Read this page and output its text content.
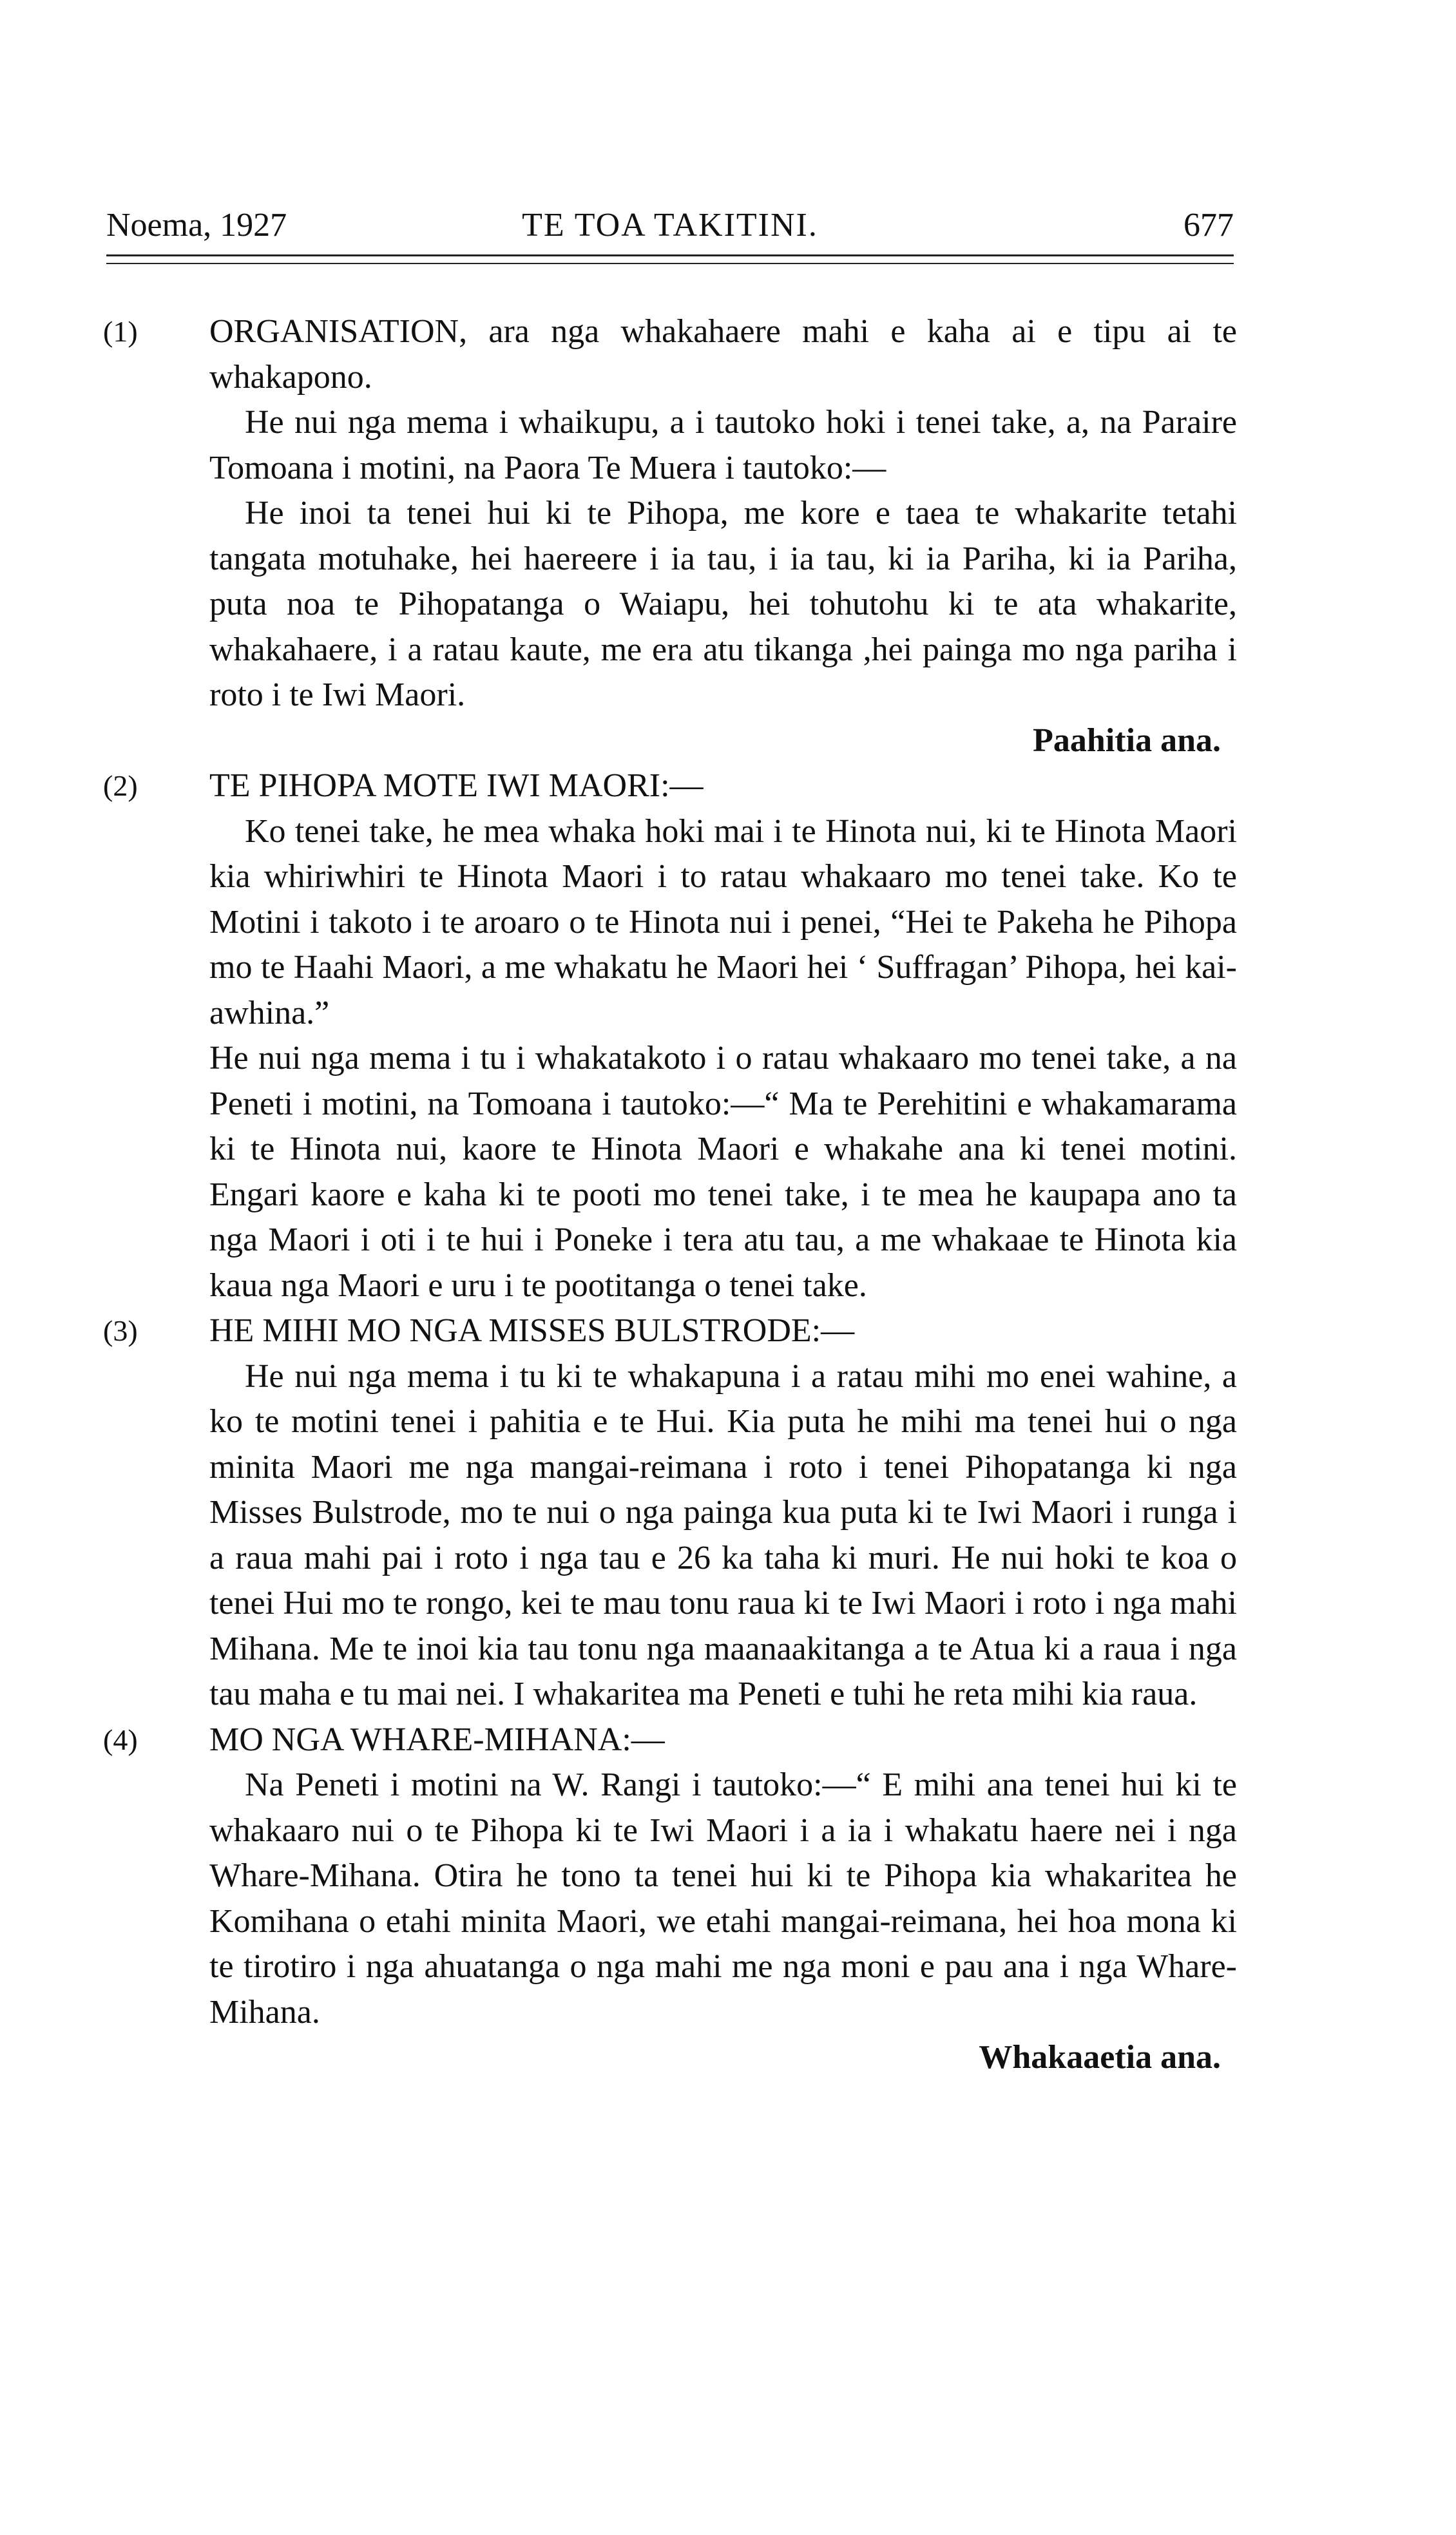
Noema, 1927	TE TOA TAKITINI.	677
(1)	ORGANISATION, ara nga whakahaere mahi e kaha ai e tipu ai te whakapono.

He nui nga mema i whaikupu, a i tautoko hoki i tenei take, a, na Paraire Tomoana i motini, na Paora Te Muera i tautoko:—

He inoi ta tenei hui ki te Pihopa, me kore e taea te whakarite tetahi tangata motuhake, hei haereere i ia tau, i ia tau, ki ia Pariha, ki ia Pariha, puta noa te Pihopatanga o Waiapu, hei tohutohu ki te ata whakarite, whakahaere, i a ratau kaute, me era atu tikanga ,hei painga mo nga pariha i roto i te Iwi Maori.

Paahitia ana.

(2)	TE PIHOPA MOTE IWI MAORI:—

Ko tenei take, he mea whaka hoki mai i te Hinota nui, ki te Hinota Maori kia whiriwhiri te Hinota Maori i to ratau whakaaro mo tenei take. Ko te Motini i takoto i te aroaro o te Hinota nui i penei, “Hei te Pakeha he Pihopa mo te Haahi Maori, a me whakatu he Maori hei ‘ Suffragan’ Pihopa, hei kai-awhina.”

He nui nga mema i tu i whakatakoto i o ratau whakaaro mo tenei take, a na Peneti i motini, na Tomoana i tautoko:—“ Ma te Perehitini e whakamarama ki te Hinota nui, kaore te Hinota Maori e whakahe ana ki tenei motini. Engari kaore e kaha ki te pooti mo tenei take, i te mea he kaupapa ano ta nga Maori i oti i te hui i Poneke i tera atu tau, a me whakaae te Hinota kia kaua nga Maori e uru i te pootitanga o tenei take.

(3)	HE MIHI MO NGA MISSES BULSTRODE:—

He nui nga mema i tu ki te whakapuna i a ratau mihi mo enei wahine, a ko te motini tenei i pahitia e te Hui. Kia puta he mihi ma tenei hui o nga minita Maori me nga mangai-reimana i roto i tenei Pihopatanga ki nga Misses Bulstrode, mo te nui o nga painga kua puta ki te Iwi Maori i runga i a raua mahi pai i roto i nga tau e 26 ka taha ki muri. He nui hoki te koa o tenei Hui mo te rongo, kei te mau tonu raua ki te Iwi Maori i roto i nga mahi Mihana. Me te inoi kia tau tonu nga maanaakitanga a te Atua ki a raua i nga tau maha e tu mai nei. I whakaritea ma Peneti e tuhi he reta mihi kia raua.

(4)	MO NGA WHARE-MIHANA:—

Na Peneti i motini na W. Rangi i tautoko:—“ E mihi ana tenei hui ki te whakaaro nui o te Pihopa ki te Iwi Maori i a ia i whakatu haere nei i nga Whare-Mihana. Otira he tono ta tenei hui ki te Pihopa kia whakaritea he Komihana o etahi minita Maori, we etahi mangai-reimana, hei hoa mona ki te tirotiro i nga ahuatanga o nga mahi me nga moni e pau ana i nga Whare-Mihana.

Whakaaetia ana.
